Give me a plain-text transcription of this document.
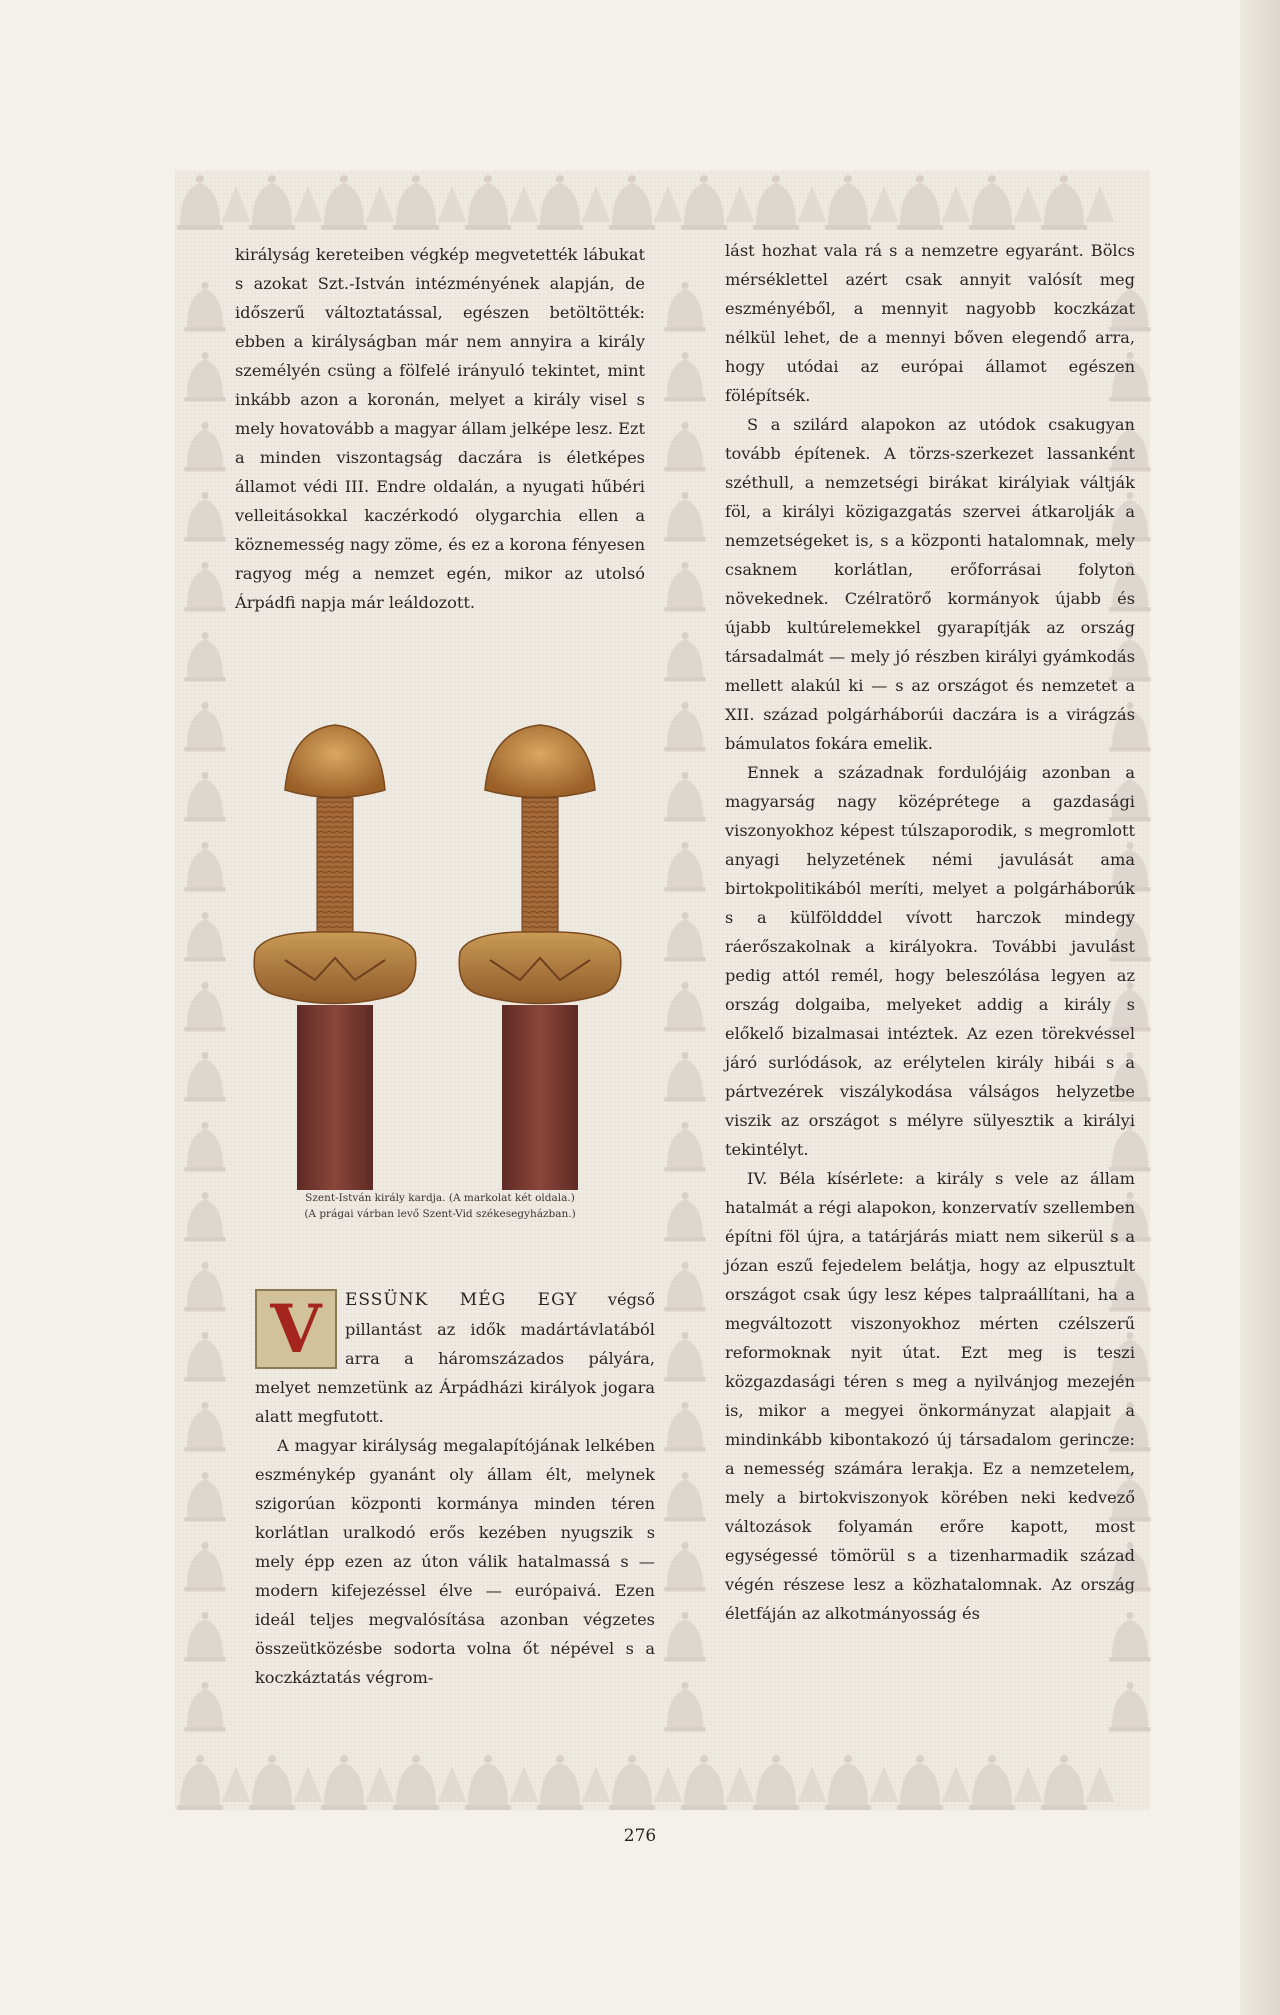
királyság kereteiben végkép megvetették lábukat s azokat Szt.-István intézményének alapján, de időszerű változtatással, egészen betöltötték: ebben a királyságban már nem annyira a király személyén csüng a fölfelé irányuló tekintet, mint inkább azon a koronán, melyet a király visel s mely hovatovább a magyar állam jelképe lesz. Ezt a minden viszontagság daczára is életképes államot védi III. Endre oldalán, a nyugati hűbéri velleitásokkal kaczérkodó olygarchia ellen a köznemesség nagy zöme, és ez a korona fényesen ragyog még a nemzet egén, mikor az utolsó Árpádfi napja már leáldozott.

Szent-István király kardja. (A markolat két oldala.)
(A prágai várban levő Szent-Vid székesegyházban.)

V	ESSÜNK MÉG EGY végső pillantást az idők madártávlatából arra a háromszázados pályára, melyet nemzetünk az Árpádházi királyok jogara alatt megfutott.

A magyar királyság megalapítójának lelkében eszménykép gyanánt oly állam élt, melynek szigorúan központi kormánya minden téren korlátlan uralkodó erős kezében nyugszik s mely épp ezen az úton válik hatalmassá s — modern kifejezéssel élve — európaivá. Ezen ideál teljes megvalósítása azonban végzetes összeütközésbe sodorta volna őt népével s a koczkáztatás végrom-

lást hozhat vala rá s a nemzetre egyaránt. Bölcs mérséklettel azért csak annyit valósít meg eszményéből, a mennyit nagyobb koczkázat nélkül lehet, de a mennyi bőven elegendő arra, hogy utódai az európai államot egészen fölépítsék.

S a szilárd alapokon az utódok csakugyan tovább építenek. A törzs-szerkezet lassanként széthull, a nemzetségi birákat királyiak váltják föl, a királyi közigazgatás szervei átkarolják a nemzetségeket is, s a központi hatalomnak, mely csaknem korlátlan, erőforrásai folyton növekednek. Czélratörő kormányok újabb és újabb kultúrelemekkel gyarapítják az ország társadalmát — mely jó részben királyi gyámkodás mellett alakúl ki — s az országot és nemzetet a XII. század polgárháborúi daczára is a virágzás bámulatos fokára emelik.

Ennek a századnak fordulójáig azonban a magyarság nagy középrétege a gazdasági viszonyokhoz képest túlszaporodik, s megromlott anyagi helyzetének némi javulását ama birtokpolitikából meríti, melyet a polgárháborúk s a külföldddel vívott harczok mindegy ráerőszakolnak a királyokra. További javulást pedig attól remél, hogy beleszólása legyen az ország dolgaiba, melyeket addig a király s előkelő bizalmasai intéztek. Az ezen törekvéssel járó surlódások, az erélytelen király hibái s a pártvezérek viszálykodása válságos helyzetbe viszik az országot s mélyre sülyesztik a királyi tekintélyt.

IV. Béla kísérlete: a király s vele az állam hatalmát a régi alapokon, konzervatív szellemben építni föl újra, a tatárjárás miatt nem sikerül s a józan eszű fejedelem belátja, hogy az elpusztult országot csak úgy lesz képes talpraállítani, ha a megváltozott viszonyokhoz mérten czélszerű reformoknak nyit útat. Ezt meg is teszi közgazdasági téren s meg a nyilvánjog mezején is, mikor a megyei önkormányzat alapjait a mindinkább kibontakozó új társadalom gerincze: a nemesség számára lerakja. Ez a nemzetelem, mely a birtokviszonyok körében neki kedvező változások folyamán erőre kapott, most egységessé tömörül s a tizenharmadik század végén részese lesz a közhatalomnak. Az ország életfáján az alkotmányosság és

276
